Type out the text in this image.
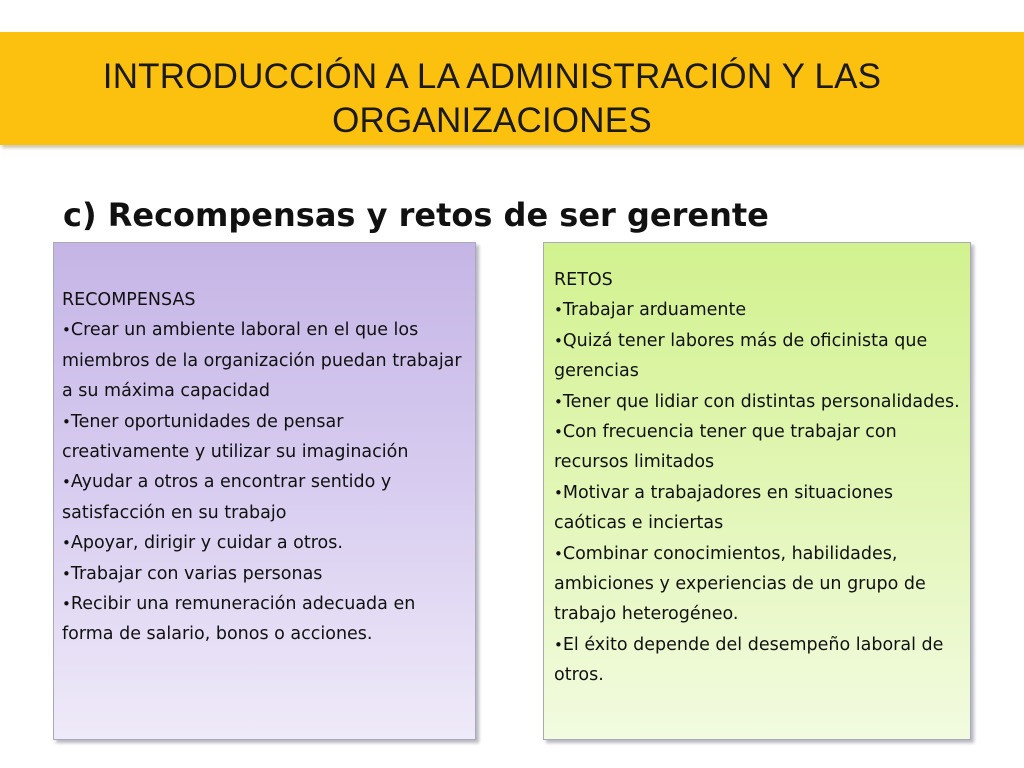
INTRODUCCIÓN A LA ADMINISTRACIÓN Y LAS ORGANIZACIONES
c) Recompensas y retos de ser gerente
RECOMPENSAS
•Crear un ambiente laboral en el que los miembros de la organización puedan trabajar a su máxima capacidad
•Tener oportunidades de pensar creativamente y utilizar su imaginación
•Ayudar a otros a encontrar sentido y satisfacción en su trabajo
•Apoyar, dirigir y cuidar a otros.
•Trabajar con varias personas
•Recibir una remuneración adecuada en forma de salario, bonos o acciones.
RETOS
•Trabajar arduamente
•Quizá tener labores más de oficinista que gerencias
•Tener que lidiar con distintas personalidades.
•Con frecuencia tener que trabajar con recursos limitados
•Motivar a trabajadores en situaciones caóticas e inciertas
•Combinar conocimientos, habilidades, ambiciones y experiencias de un grupo de trabajo heterogéneo.
•El éxito depende del desempeño laboral de otros.
